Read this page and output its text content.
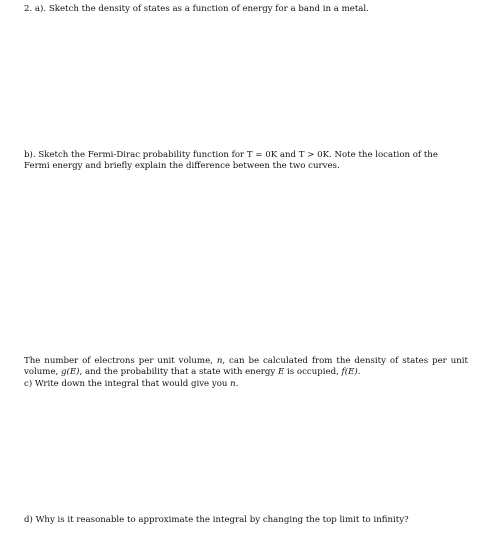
2. a). Sketch the density of states as a function of energy for a band in a metal.

b). Sketch the Fermi-Dirac probability function for T = 0K and T > 0K. Note the location of the
Fermi energy and briefly explain the difference between the two curves.

The number of electrons per unit volume, n, can be calculated from the density of states per unit
volume, g(E), and the probability that a state with energy E is occupied, f(E).

c) Write down the integral that would give you n.

d) Why is it reasonable to approximate the integral by changing the top limit to infinity?
